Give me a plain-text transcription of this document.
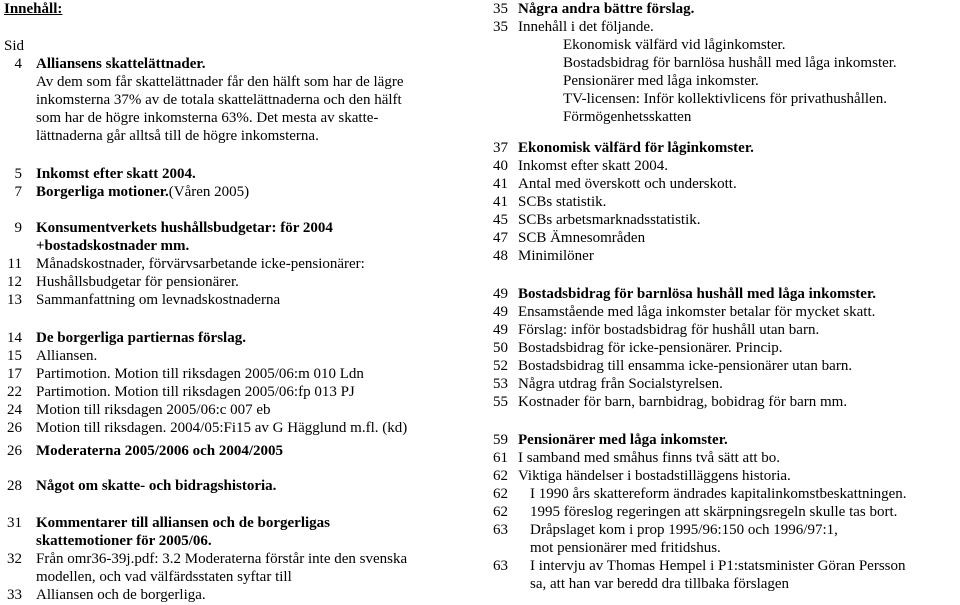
Innehåll:
Sid
4 Alliansens skattelättnader.
Av dem som får skattelättnader får den hälft som har de lägre
inkomsterna 37% av de totala skattelättnaderna och den hälft
som har de högre inkomsterna 63%. Det mesta av skatte-
lättnaderna går alltså till de högre inkomsterna.
5 Inkomst efter skatt 2004.
7 Borgerliga motioner. (Våren 2005)
9 Konsumentverkets hushållsbudgetar: för 2004
+bostadskostnader mm.
11 Månadskostnader, förvärvsarbetande icke-pensionärer:
12 Hushållsbudgetar för pensionärer.
13 Sammanfattning om levnadskostnaderna
14 De borgerliga partiernas förslag.
15 Alliansen.
17 Partimotion. Motion till riksdagen 2005/06:m 010 Ldn
22 Partimotion. Motion till riksdagen 2005/06:fp 013 PJ
24 Motion till riksdagen 2005/06:c 007 eb
26 Motion till riksdagen. 2004/05:Fi15 av G Hägglund m.fl. (kd)
26 Moderaterna 2005/2006 och 2004/2005
28 Något om skatte- och bidragshistoria.
31 Kommentarer till alliansen och de borgerligas
skattemotioner för 2005/06.
32 Från omr36-39j.pdf: 3.2 Moderaterna förstår inte den svenska
modellen, och vad välfärdsstaten syftar till
33 Alliansen och de borgerliga.
35 Några andra bättre förslag.
35 Innehåll i det följande.
Ekonomisk välfärd vid låginkomster.
Bostadsbidrag för barnlösa hushåll med låga inkomster.
Pensionärer med låga inkomster.
TV-licensen: Inför kollektivlicens för privathushållen.
Förmögenhetsskatten
37 Ekonomisk välfärd för låginkomster.
40 Inkomst efter skatt 2004.
41 Antal med överskott och underskott.
41 SCBs statistik.
45 SCBs arbetsmarknadsstatistik.
47 SCB Ämnesområden
48 Minimilöner
49 Bostadsbidrag för barnlösa hushåll med låga inkomster.
49 Ensamstående med låga inkomster betalar för mycket skatt.
49 Förslag: inför bostadsbidrag för hushåll utan barn.
50 Bostadsbidrag för icke-pensionärer. Princip.
52 Bostadsbidrag till ensamma icke-pensionärer utan barn.
53 Några utdrag från Socialstyrelsen.
55 Kostnader för barn, barnbidrag, bobidrag för barn mm.
59 Pensionärer med låga inkomster.
61 I samband med småhus finns två sätt att bo.
62 Viktiga händelser i bostadstilläggens historia.
62 I 1990 års skattereform ändrades kapitalinkomstbeskattningen.
62 1995 föreslog regeringen att skärpningsregeln skulle tas bort.
63 Dråpslaget kom i prop 1995/96:150 och 1996/97:1,
mot pensionärer med fritidshus.
63 I intervju av Thomas Hempel i P1:statsminister Göran Persson
sa, att han var beredd dra tillbaka förslagen
